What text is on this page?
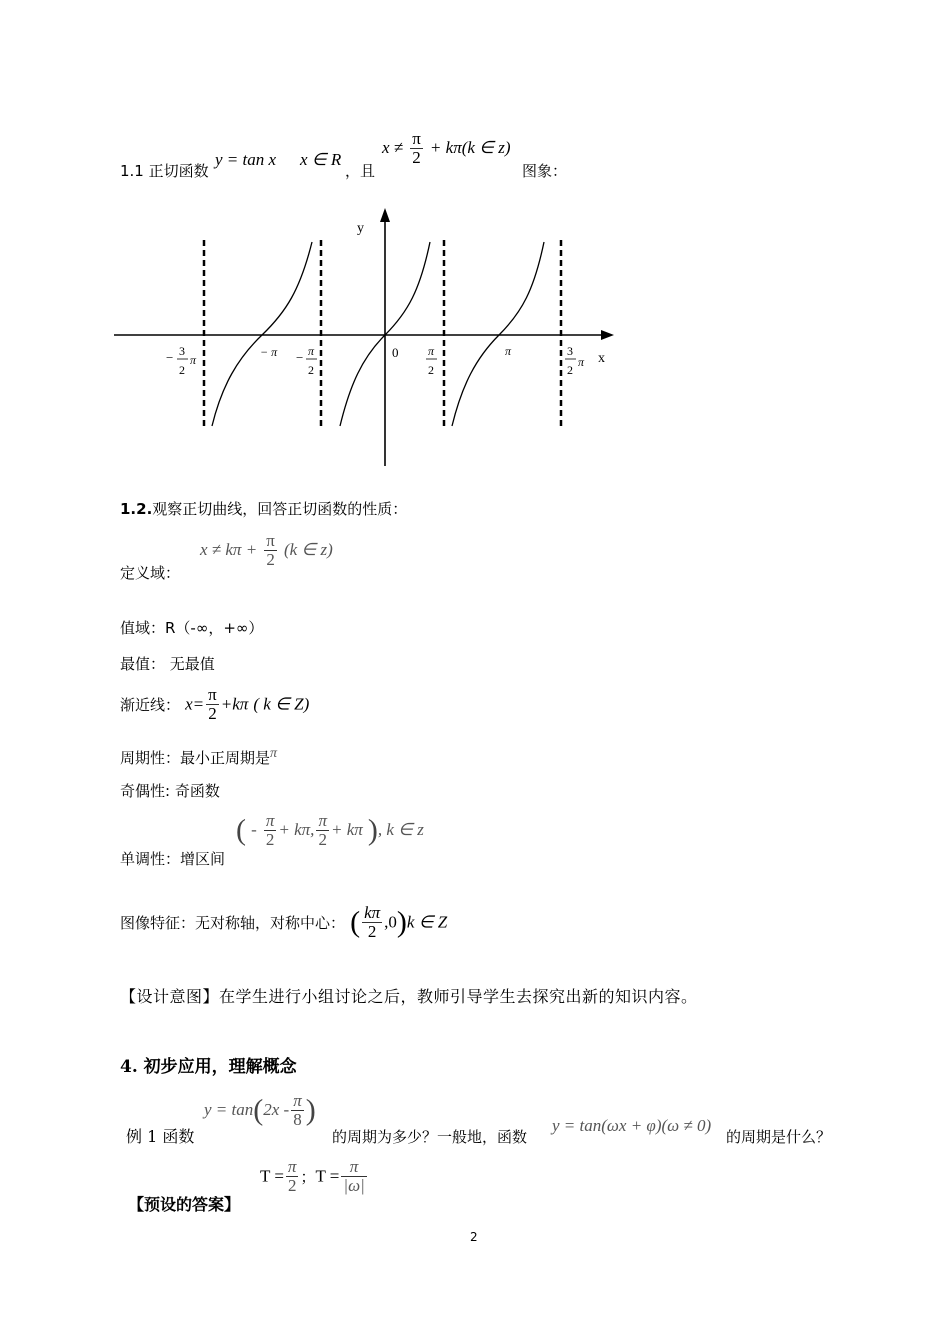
1.1 正切函数
y = tan x x ∈ R
，且
$x \ne \frac{\pi}{2} + k\pi(k$ ∈ z)
图象：
y
x
0
− 3
2
π
− π − π
2
π
2
π	3
2
π
1.2.观察正切曲线，回答正切函数的性质：
定义域：
$x \ne k\pi + \frac{\pi}{2} (k$ ∈ z)
值域：R（-∞，+∞）
最值： 无最值
渐近线： $x= \frac{\pi}{2} +k\pi$ ( k ∈ Z)
周期性：最小正周期是π
奇偶性: 奇函数
单调性：增区间
( - $\frac{\pi}{2} + k\pi$, $\frac{\pi}{2} + k\pi$ ), k ∈ z
图像特征：无对称轴，对称中心： ( $\frac{k\pi}{2} ,0)k$ ∈ Z
【设计意图】在学生进行小组讨论之后，教师引导学生去探究出新的知识内容。
4. 初步应用，理解概念
例 1 函数
$y = \tan(2x - \frac{\pi}{8}$ )
的周期为多少？一般地，函数
y = tan(ωx + φ)(ω ≠ 0)
的周期是什么？
【预设的答案】
$T = \frac{\pi}{2}$ ；$T = \frac{\pi}{|\omega|}$
2
